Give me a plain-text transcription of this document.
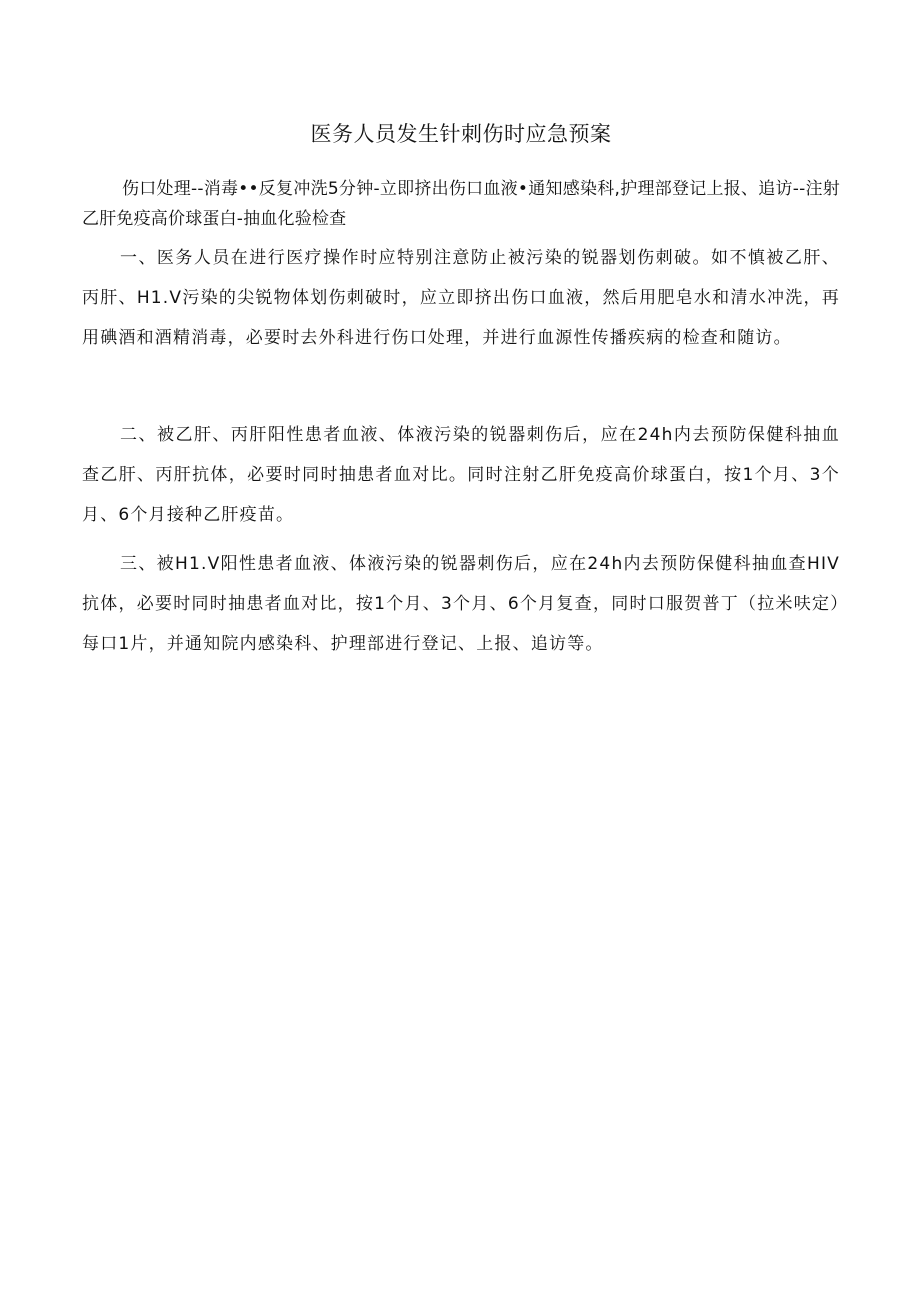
医务人员发生针刺伤时应急预案

伤口处理--消毒••反复冲洗5分钟-立即挤出伤口血液•通知感染科,护理部登记上报、追访--注射乙肝免疫高价球蛋白-抽血化验检查

一、医务人员在进行医疗操作时应特别注意防止被污染的锐器划伤刺破。如不慎被乙肝、丙肝、H1.V污染的尖锐物体划伤刺破时，应立即挤出伤口血液，然后用肥皂水和清水冲洗，再用碘酒和酒精消毒，必要时去外科进行伤口处理，并进行血源性传播疾病的检查和随访。

二、被乙肝、丙肝阳性患者血液、体液污染的锐器刺伤后，应在24h内去预防保健科抽血查乙肝、丙肝抗体，必要时同时抽患者血对比。同时注射乙肝免疫高价球蛋白，按1个月、3个月、6个月接种乙肝疫苗。

三、被H1.V阳性患者血液、体液污染的锐器刺伤后，应在24h内去预防保健科抽血查HIV抗体，必要时同时抽患者血对比，按1个月、3个月、6个月复查，同时口服贺普丁（拉米呋定）每口1片，并通知院内感染科、护理部进行登记、上报、追访等。
